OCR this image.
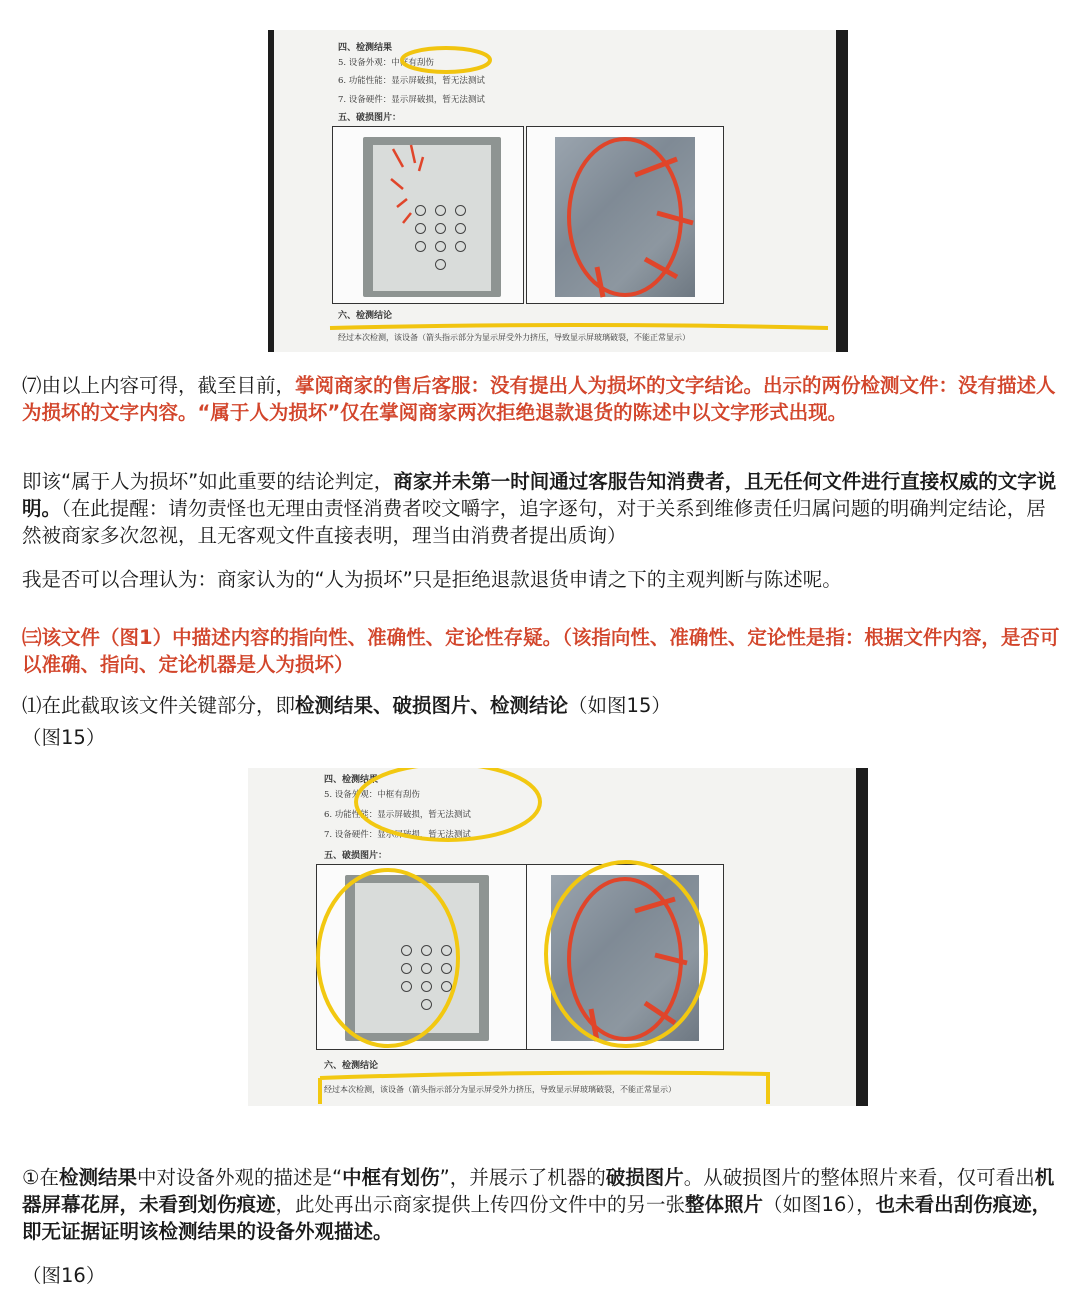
四、检测结果
5. 设备外观：中框有刮伤
6. 功能性能：显示屏破损，暂无法测试
7. 设备硬件：显示屏破损，暂无法测试
五、破损图片：
六、检测结论
经过本次检测，该设备（箭头指示部分为显示屏受外力挤压，导致显示屏玻璃破裂，不能正常显示）
⑺由以上内容可得，截至目前，掌阅商家的售后客服：没有提出人为损坏的文字结论。出示的两份检测文件：没有描述人为损坏的文字内容。“属于人为损坏”仅在掌阅商家两次拒绝退款退货的陈述中以文字形式出现。
即该“属于人为损坏”如此重要的结论判定，商家并未第一时间通过客服告知消费者，且无任何文件进行直接权威的文字说明。（在此提醒：请勿责怪也无理由责怪消费者咬文嚼字，追字逐句，对于关系到维修责任归属问题的明确判定结论，居然被商家多次忽视，且无客观文件直接表明，理当由消费者提出质询）
我是否可以合理认为：商家认为的“人为损坏”只是拒绝退款退货申请之下的主观判断与陈述呢。
㈢该文件（图1）中描述内容的指向性、准确性、定论性存疑。（该指向性、准确性、定论性是指：根据文件内容，是否可以准确、指向、定论机器是人为损坏）
⑴在此截取该文件关键部分，即检测结果、破损图片、检测结论（如图15）
（图15）
四、检测结果
5. 设备外观：中框有刮伤
6. 功能性能：显示屏破损，暂无法测试
7. 设备硬件：显示屏破损，暂无法测试
五、破损图片：
六、检测结论
经过本次检测，该设备（箭头指示部分为显示屏受外力挤压，导致显示屏玻璃破裂，不能正常显示）
①在检测结果中对设备外观的描述是“中框有划伤”，并展示了机器的破损图片。从破损图片的整体照片来看，仅可看出机器屏幕花屏，未看到划伤痕迹，此处再出示商家提供上传四份文件中的另一张整体照片（如图16），也未看出刮伤痕迹，即无证据证明该检测结果的设备外观描述。
（图16）
